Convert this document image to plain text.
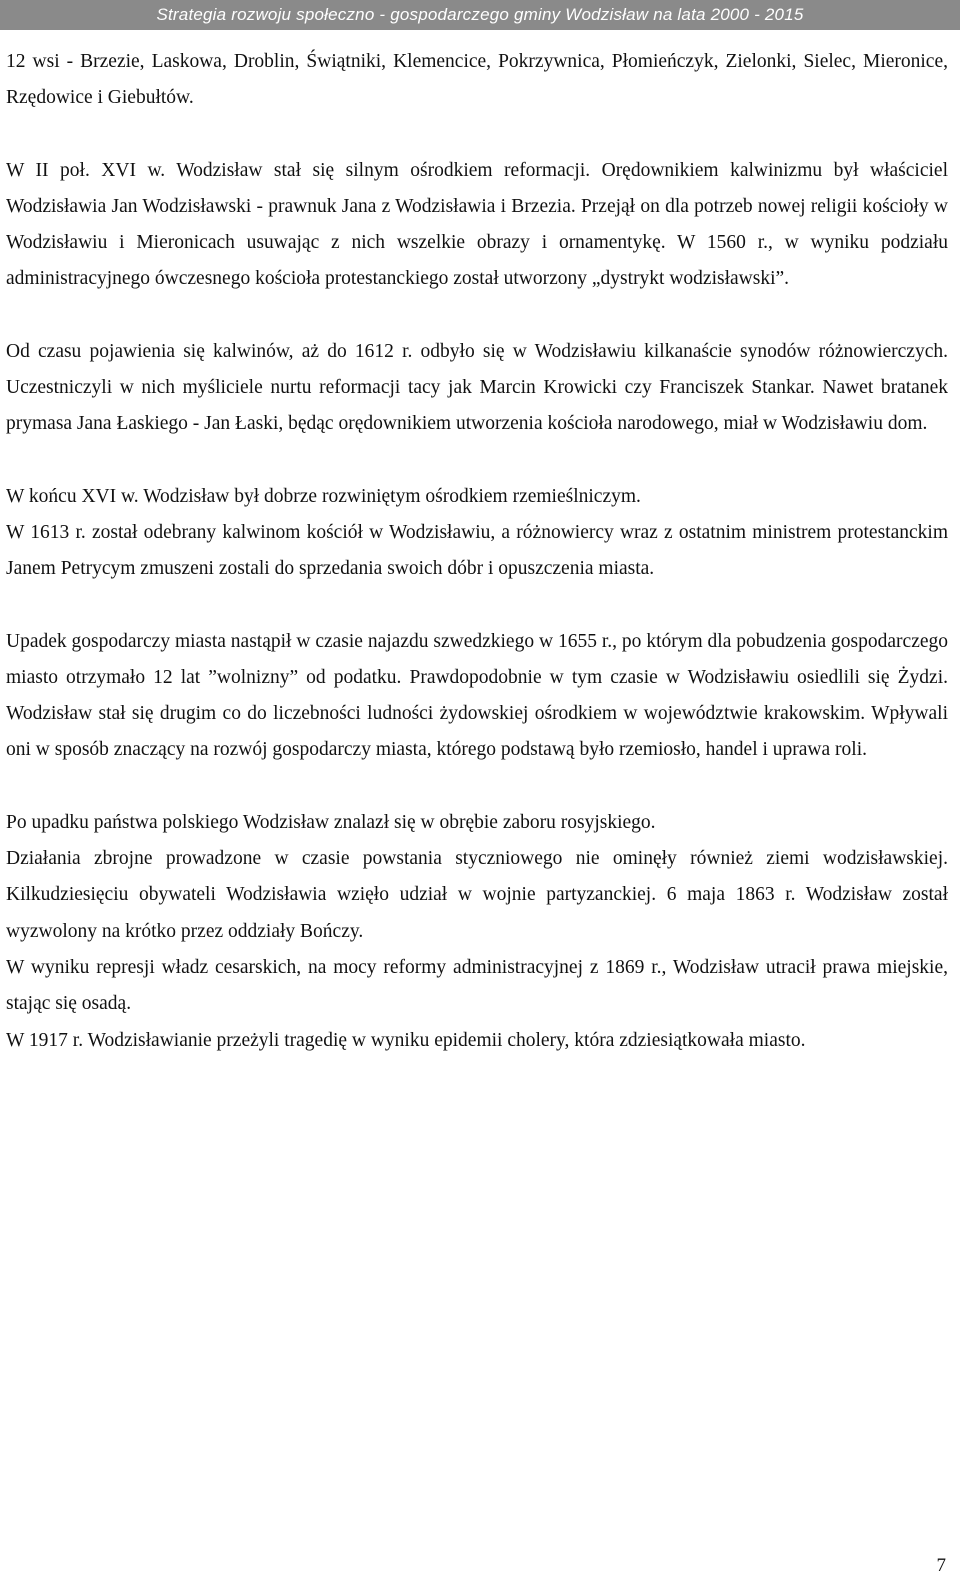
Strategia rozwoju społeczno - gospodarczego gminy Wodzisław na lata 2000 - 2015

12 wsi - Brzezie, Laskowa, Droblin, Świątniki, Klemencice, Pokrzywnica, Płomieńczyk, Zielonki, Sielec, Mieronice, Rzędowice i Giebułtów.

W II poł. XVI w. Wodzisław stał się silnym ośrodkiem reformacji. Orędownikiem kalwinizmu był właściciel Wodzisławia Jan Wodzisławski - prawnuk Jana z Wodzisławia i Brzezia. Przejął on dla potrzeb nowej religii kościoły w Wodzisławiu i Mieronicach usuwając z nich wszelkie obrazy i ornamentykę. W 1560 r., w wyniku podziału administracyjnego ówczesnego kościoła protestanckiego został utworzony „dystrykt wodzisławski”.

Od czasu pojawienia się kalwinów, aż do 1612 r. odbyło się w Wodzisławiu kilkanaście synodów różnowierczych. Uczestniczyli w nich myśliciele nurtu reformacji tacy jak Marcin Krowicki czy Franciszek Stankar. Nawet bratanek prymasa Jana Łaskiego - Jan Łaski, będąc orędownikiem utworzenia kościoła narodowego, miał w Wodzisławiu dom.

W końcu XVI w. Wodzisław był dobrze rozwiniętym ośrodkiem rzemieślniczym.

W 1613 r. został odebrany kalwinom kościół w Wodzisławiu, a różnowiercy wraz z ostatnim ministrem protestanckim Janem Petrycym zmuszeni zostali do sprzedania swoich dóbr i opuszczenia miasta.

Upadek gospodarczy miasta nastąpił w czasie najazdu szwedzkiego w 1655 r., po którym dla pobudzenia gospodarczego miasto otrzymało 12 lat ”wolnizny” od podatku. Prawdopodobnie w tym czasie w Wodzisławiu osiedlili się Żydzi. Wodzisław stał się drugim co do liczebności ludności żydowskiej ośrodkiem w województwie krakowskim. Wpływali oni w sposób znaczący na rozwój gospodarczy miasta, którego podstawą było rzemiosło, handel i uprawa roli.

Po upadku państwa polskiego Wodzisław znalazł się w obrębie zaboru rosyjskiego.

Działania zbrojne prowadzone w czasie powstania styczniowego nie ominęły również ziemi wodzisławskiej. Kilkudziesięciu obywateli Wodzisławia wzięło udział w wojnie partyzanckiej. 6 maja 1863 r. Wodzisław został wyzwolony na krótko przez oddziały Bończy.

W wyniku represji władz cesarskich, na mocy reformy administracyjnej z 1869 r., Wodzisław utracił prawa miejskie, stając się osadą.

W 1917 r. Wodzisławianie przeżyli tragedię w wyniku epidemii cholery, która zdziesiątkowała miasto.

7
